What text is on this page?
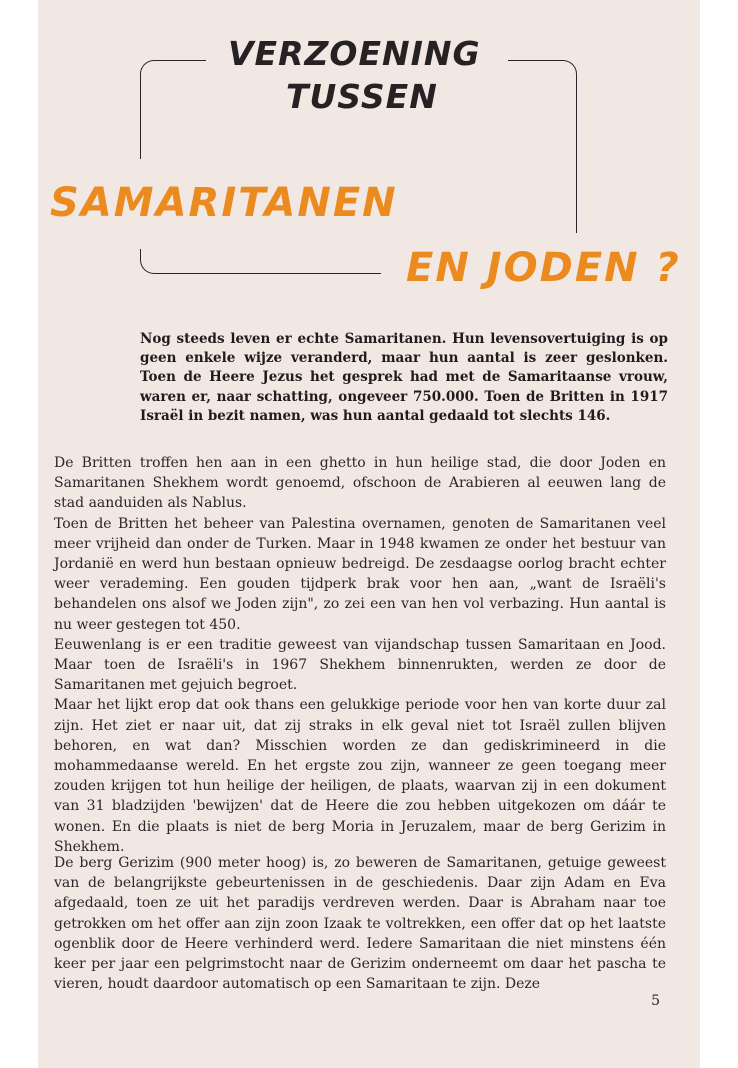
VERZOENING
TUSSEN
SAMARITANEN
EN JODEN ?

Nog steeds leven er echte Samaritanen. Hun levensovertuiging is op geen enkele wijze veranderd, maar hun aantal is zeer geslonken. Toen de Heere Jezus het gesprek had met de Samaritaanse vrouw, waren er, naar schatting, ongeveer 750.000. Toen de Britten in 1917 Israël in bezit namen, was hun aantal gedaald tot slechts 146.

De Britten troffen hen aan in een ghetto in hun heilige stad, die door Joden en Samaritanen Shekhem wordt genoemd, ofschoon de Arabieren al eeuwen lang de stad aanduiden als Nablus.
Toen de Britten het beheer van Palestina overnamen, genoten de Samaritanen veel meer vrijheid dan onder de Turken. Maar in 1948 kwamen ze onder het bestuur van Jordanië en werd hun bestaan opnieuw bedreigd. De zesdaagse oorlog bracht echter weer verademing. Een gouden tijdperk brak voor hen aan, „want de Israëli's behandelen ons alsof we Joden zijn", zo zei een van hen vol verbazing. Hun aantal is nu weer gestegen tot 450.
Eeuwenlang is er een traditie geweest van vijandschap tussen Samaritaan en Jood. Maar toen de Israëli's in 1967 Shekhem binnenrukten, werden ze door de Samaritanen met gejuich begroet.
Maar het lijkt erop dat ook thans een gelukkige periode voor hen van korte duur zal zijn. Het ziet er naar uit, dat zij straks in elk geval niet tot Israël zullen blijven behoren, en wat dan? Misschien worden ze dan gediskrimineerd in die mohammedaanse wereld. En het ergste zou zijn, wanneer ze geen toegang meer zouden krijgen tot hun heilige der heiligen, de plaats, waarvan zij in een dokument van 31 bladzijden 'bewijzen' dat de Heere die zou hebben uitgekozen om dáár te wonen. En die plaats is niet de berg Moria in Jeruzalem, maar de berg Gerizim in Shekhem.

De berg Gerizim (900 meter hoog) is, zo beweren de Samaritanen, getuige geweest van de belangrijkste gebeurtenissen in de geschiedenis. Daar zijn Adam en Eva afgedaald, toen ze uit het paradijs verdreven werden. Daar is Abraham naar toe getrokken om het offer aan zijn zoon Izaak te voltrekken, een offer dat op het laatste ogenblik door de Heere verhinderd werd. Iedere Samaritaan die niet minstens één keer per jaar een pelgrimstocht naar de Gerizim onderneemt om daar het pascha te vieren, houdt daardoor automatisch op een Samaritaan te zijn. Deze

5
